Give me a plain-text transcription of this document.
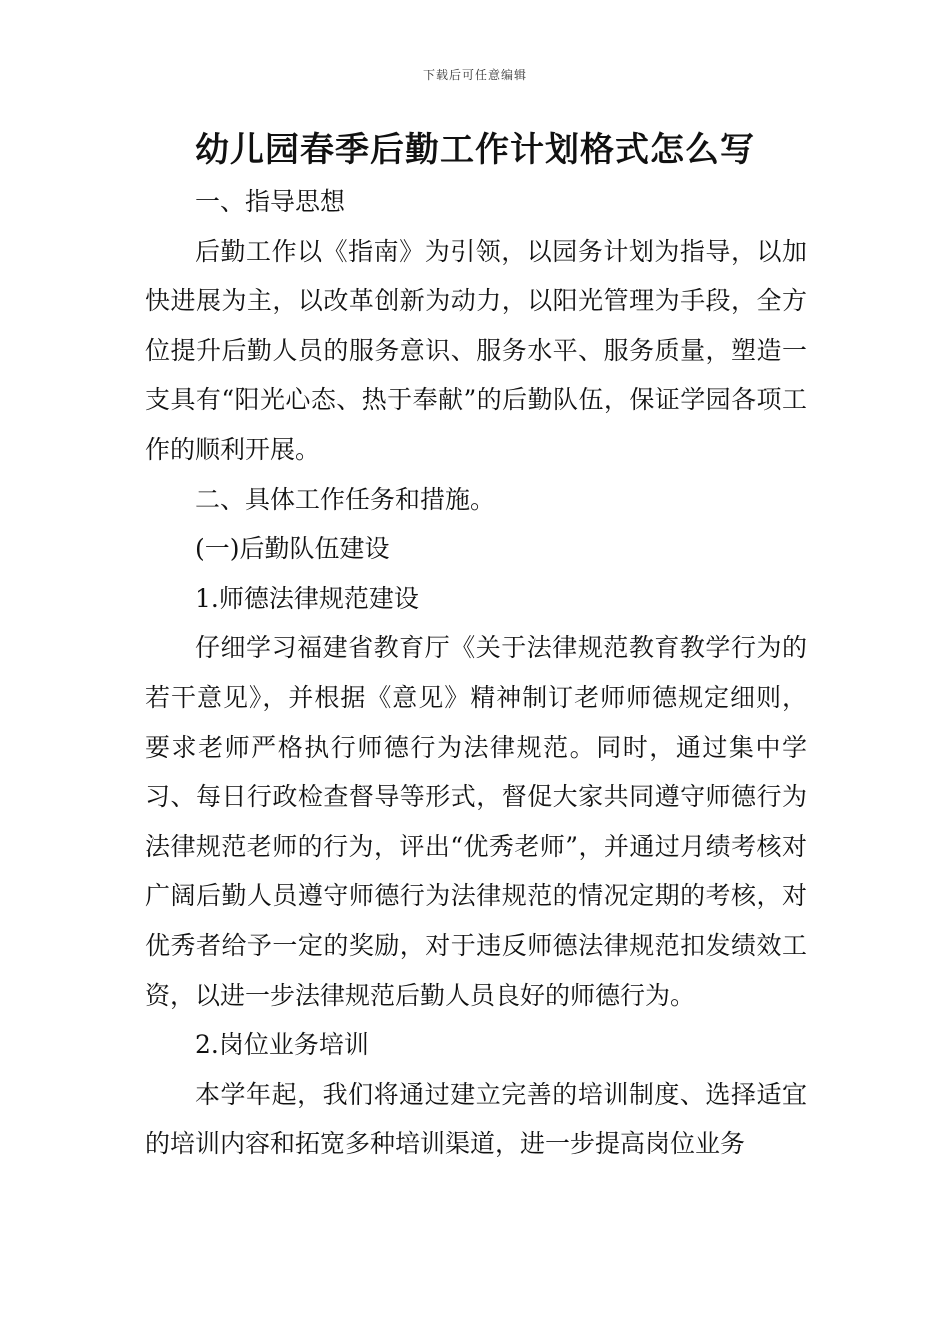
下载后可任意编辑
幼儿园春季后勤工作计划格式怎么写

一、指导思想

后勤工作以《指南》为引领，以园务计划为指导，以加快进展为主，以改革创新为动力，以阳光管理为手段，全方位提升后勤人员的服务意识、服务水平、服务质量，塑造一支具有“阳光心态、热于奉献”的后勤队伍，保证学园各项工作的顺利开展。

二、具体工作任务和措施。

(一)后勤队伍建设

1.师德法律规范建设

仔细学习福建省教育厅《关于法律规范教育教学行为的若干意见》，并根据《意见》精神制订老师师德规定细则，要求老师严格执行师德行为法律规范。同时，通过集中学习、每日行政检查督导等形式，督促大家共同遵守师德行为法律规范老师的行为，评出“优秀老师”，并通过月绩考核对广阔后勤人员遵守师德行为法律规范的情况定期的考核，对优秀者给予一定的奖励，对于违反师德法律规范扣发绩效工资，以进一步法律规范后勤人员良好的师德行为。

2.岗位业务培训

本学年起，我们将通过建立完善的培训制度、选择适宜的培训内容和拓宽多种培训渠道，进一步提高岗位业务
